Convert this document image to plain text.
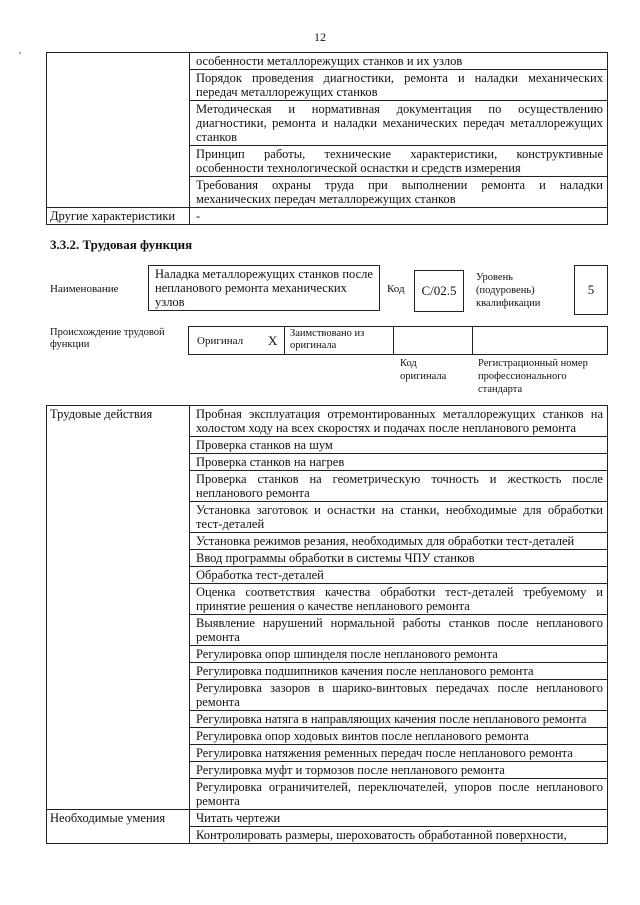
12
‚
	особенности металлорежущих станков и их узлов
	Порядок проведения диагностики, ремонта и наладки механических передач металлорежущих станков
	Методическая и нормативная документация по осуществлению диагностики, ремонта и наладки механических передач металлорежущих станков
	Принцип работы, технические характеристики, конструктивные особенности технологической оснастки и средств измерения
	Требования охраны труда при выполнении ремонта и наладки механических передач металлорежущих станков
Другие характеристики	-
3.3.2. Трудовая функция
Наименование
Наладка металлорежущих станков после непланового ремонта механических узлов
Код	С/02.5
Уровень (подуровень) квалификации
5
Происхождение трудовой функции	Оригинал Х Заимствовано из оригинала
Код оригинала
Регистрационный номер профессионального стандарта
Трудовые действия	Пробная эксплуатация отремонтированных металлорежущих станков на холостом ходу на всех скоростях и подачах после непланового ремонта
	Проверка станков на шум
	Проверка станков на нагрев
	Проверка станков на геометрическую точность и жесткость после непланового ремонта
	Установка заготовок и оснастки на станки, необходимые для обработки тест-деталей
	Установка режимов резания, необходимых для обработки тест-деталей
	Ввод программы обработки в системы ЧПУ станков
	Обработка тест-деталей
	Оценка соответствия качества обработки тест-деталей требуемому и принятие решения о качестве непланового ремонта
	Выявление нарушений нормальной работы станков после непланового ремонта
	Регулировка опор шпинделя после непланового ремонта
	Регулировка подшипников качения после непланового ремонта
	Регулировка зазоров в шарико-винтовых передачах после непланового ремонта
	Регулировка натяга в направляющих качения после непланового ремонта
	Регулировка опор ходовых винтов после непланового ремонта
	Регулировка натяжения ременных передач после непланового ремонта
	Регулировка муфт и тормозов после непланового ремонта
	Регулировка ограничителей, переключателей, упоров после непланового ремонта
Необходимые умения	Читать чертежи
	Контролировать размеры, шероховатость обработанной поверхности,
